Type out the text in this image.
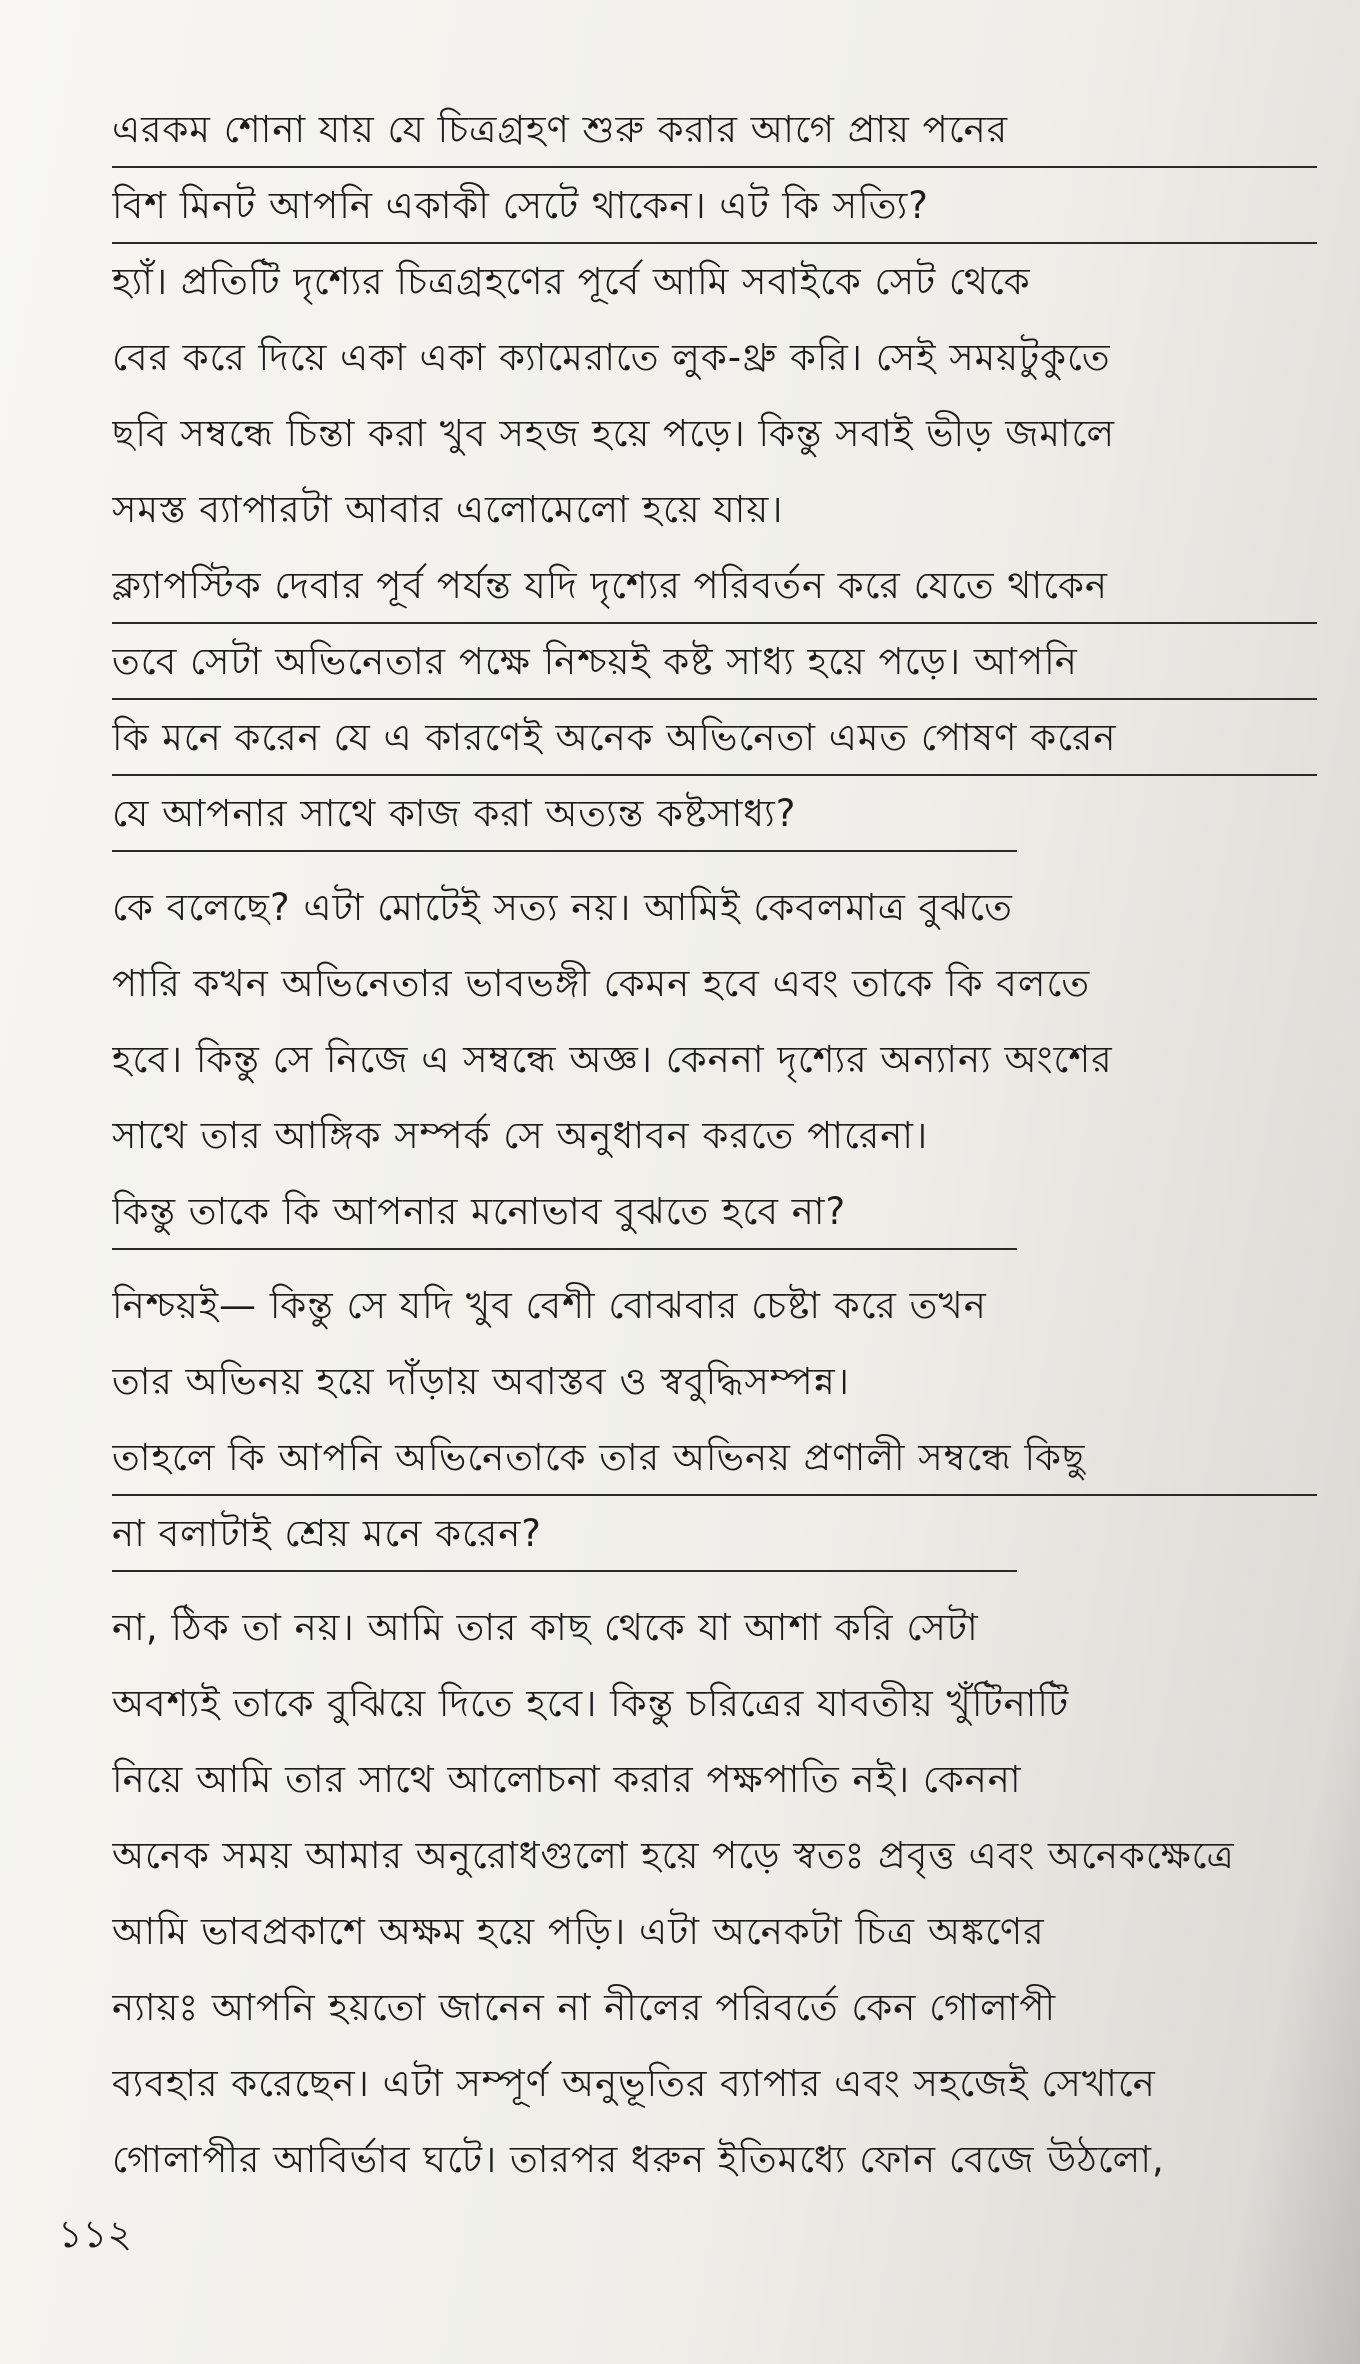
এরকম শোনা যায় যে চিত্রগ্রহণ শুরু করার আগে প্রায় পনের
বিশ মিনট আপনি একাকী সেটে থাকেন। এট কি সত্যি?
হ্যাঁ। প্রতিটি দৃশ্যের চিত্রগ্রহণের পূর্বে আমি সবাইকে সেট থেকে
বের করে দিয়ে একা একা ক্যামেরাতে লুক-থ্রু করি। সেই সময়টুকুতে
ছবি সম্বন্ধে চিন্তা করা খুব সহজ হয়ে পড়ে। কিন্তু সবাই ভীড় জমালে
সমস্ত ব্যাপারটা আবার এলোমেলো হয়ে যায়।
ক্ল্যাপস্টিক দেবার পূর্ব পর্যন্ত যদি দৃশ্যের পরিবর্তন করে যেতে থাকেন
তবে সেটা অভিনেতার পক্ষে নিশ্চয়ই কষ্ট সাধ্য হয়ে পড়ে। আপনি
কি মনে করেন যে এ কারণেই অনেক অভিনেতা এমত পোষণ করেন
যে আপনার সাথে কাজ করা অত্যন্ত কষ্টসাধ্য?
কে বলেছে? এটা মোটেই সত্য নয়। আমিই কেবলমাত্র বুঝতে
পারি কখন অভিনেতার ভাবভঙ্গী কেমন হবে এবং তাকে কি বলতে
হবে। কিন্তু সে নিজে এ সম্বন্ধে অজ্ঞ। কেননা দৃশ্যের অন্যান্য অংশের
সাথে তার আঙ্গিক সম্পর্ক সে অনুধাবন করতে পারেনা।
কিন্তু তাকে কি আপনার মনোভাব বুঝতে হবে না?
নিশ্চয়ই— কিন্তু সে যদি খুব বেশী বোঝবার চেষ্টা করে তখন
তার অভিনয় হয়ে দাঁড়ায় অবাস্তব ও স্ববুদ্ধিসম্পন্ন।
তাহলে কি আপনি অভিনেতাকে তার অভিনয় প্রণালী সম্বন্ধে কিছু
না বলাটাই শ্রেয় মনে করেন?
না, ঠিক তা নয়। আমি তার কাছ থেকে যা আশা করি সেটা
অবশ্যই তাকে বুঝিয়ে দিতে হবে। কিন্তু চরিত্রের যাবতীয় খুঁটিনাটি
নিয়ে আমি তার সাথে আলোচনা করার পক্ষপাতি নই। কেননা
অনেক সময় আমার অনুরোধগুলো হয়ে পড়ে স্বতঃ প্রবৃত্ত এবং অনেকক্ষেত্রে
আমি ভাবপ্রকাশে অক্ষম হয়ে পড়ি। এটা অনেকটা চিত্র অঙ্কণের
ন্যায়ঃ আপনি হয়তো জানেন না নীলের পরিবর্তে কেন গোলাপী
ব্যবহার করেছেন। এটা সম্পূর্ণ অনুভূতির ব্যাপার এবং সহজেই সেখানে
গোলাপীর আবির্ভাব ঘটে। তারপর ধরুন ইতিমধ্যে ফোন বেজে উঠলো,
১১২
